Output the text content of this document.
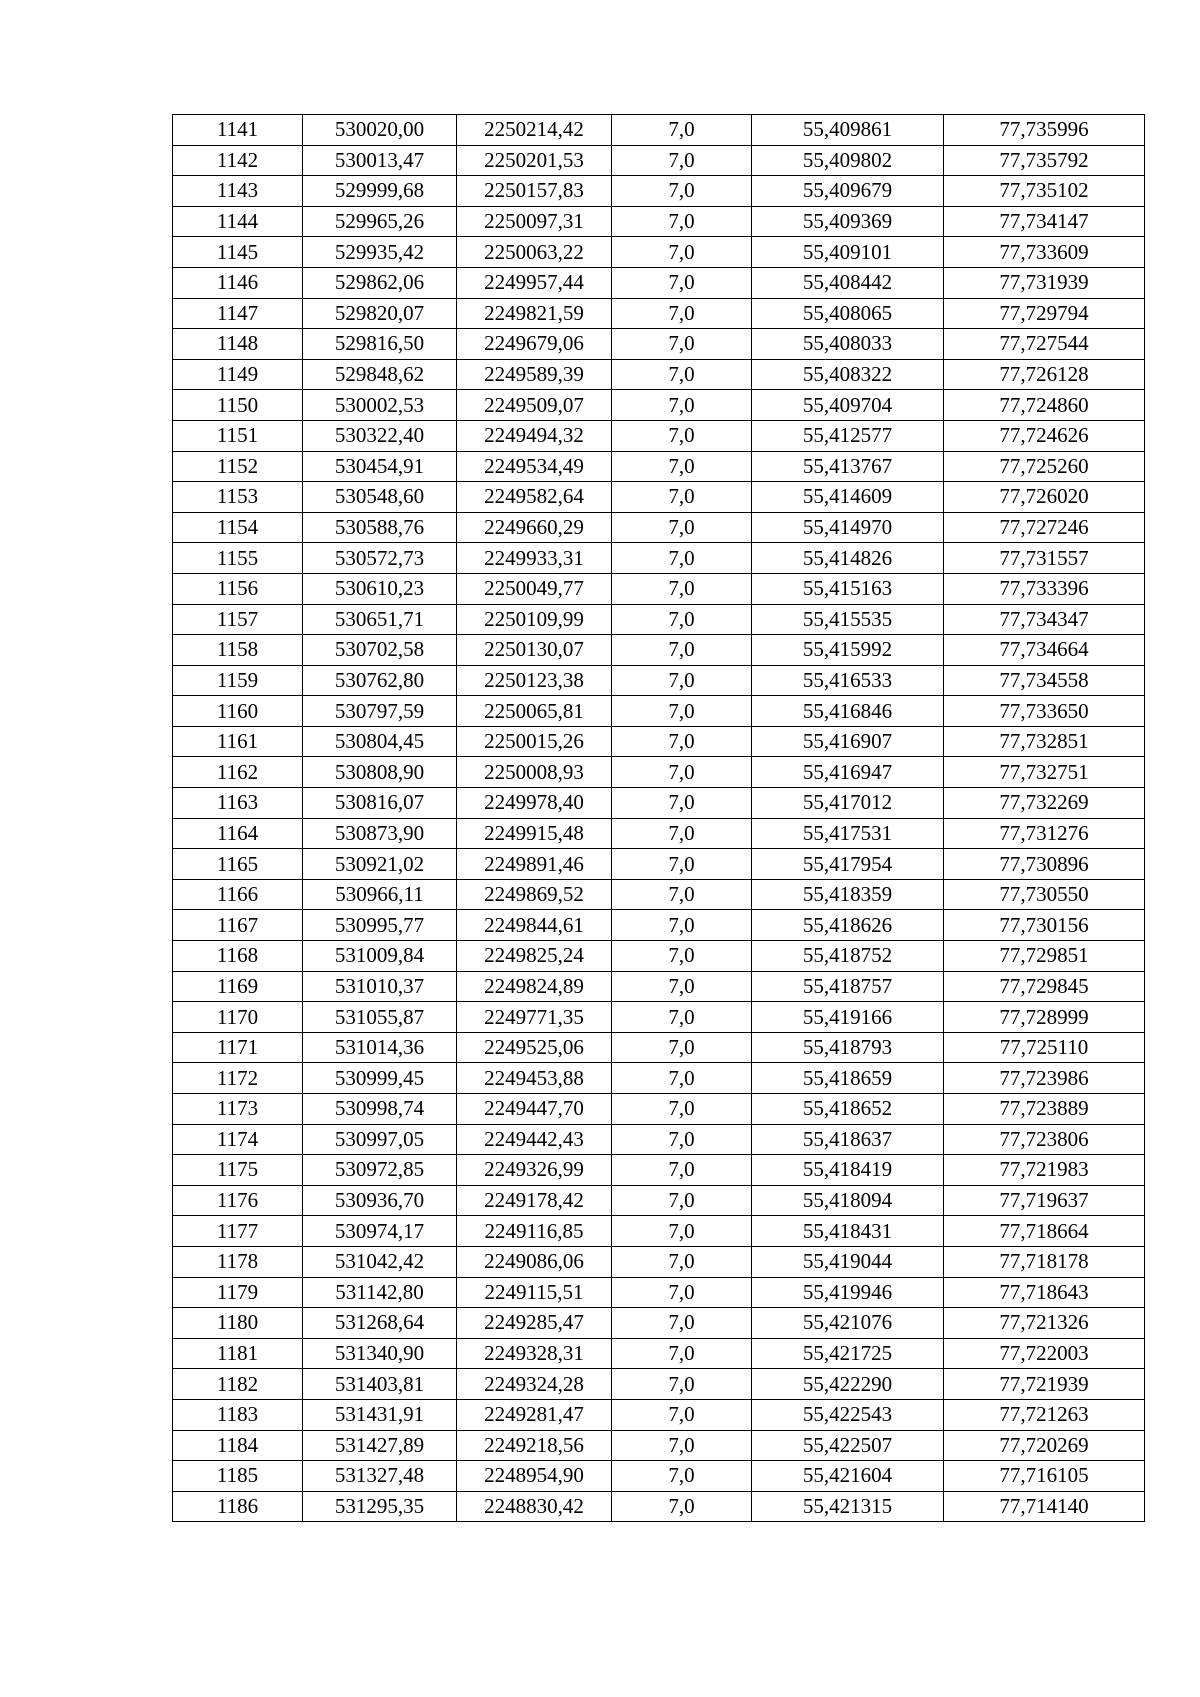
1141	530020,00	2250214,42	7,0	55,409861	77,735996
1142	530013,47	2250201,53	7,0	55,409802	77,735792
1143	529999,68	2250157,83	7,0	55,409679	77,735102
1144	529965,26	2250097,31	7,0	55,409369	77,734147
1145	529935,42	2250063,22	7,0	55,409101	77,733609
1146	529862,06	2249957,44	7,0	55,408442	77,731939
1147	529820,07	2249821,59	7,0	55,408065	77,729794
1148	529816,50	2249679,06	7,0	55,408033	77,727544
1149	529848,62	2249589,39	7,0	55,408322	77,726128
1150	530002,53	2249509,07	7,0	55,409704	77,724860
1151	530322,40	2249494,32	7,0	55,412577	77,724626
1152	530454,91	2249534,49	7,0	55,413767	77,725260
1153	530548,60	2249582,64	7,0	55,414609	77,726020
1154	530588,76	2249660,29	7,0	55,414970	77,727246
1155	530572,73	2249933,31	7,0	55,414826	77,731557
1156	530610,23	2250049,77	7,0	55,415163	77,733396
1157	530651,71	2250109,99	7,0	55,415535	77,734347
1158	530702,58	2250130,07	7,0	55,415992	77,734664
1159	530762,80	2250123,38	7,0	55,416533	77,734558
1160	530797,59	2250065,81	7,0	55,416846	77,733650
1161	530804,45	2250015,26	7,0	55,416907	77,732851
1162	530808,90	2250008,93	7,0	55,416947	77,732751
1163	530816,07	2249978,40	7,0	55,417012	77,732269
1164	530873,90	2249915,48	7,0	55,417531	77,731276
1165	530921,02	2249891,46	7,0	55,417954	77,730896
1166	530966,11	2249869,52	7,0	55,418359	77,730550
1167	530995,77	2249844,61	7,0	55,418626	77,730156
1168	531009,84	2249825,24	7,0	55,418752	77,729851
1169	531010,37	2249824,89	7,0	55,418757	77,729845
1170	531055,87	2249771,35	7,0	55,419166	77,728999
1171	531014,36	2249525,06	7,0	55,418793	77,725110
1172	530999,45	2249453,88	7,0	55,418659	77,723986
1173	530998,74	2249447,70	7,0	55,418652	77,723889
1174	530997,05	2249442,43	7,0	55,418637	77,723806
1175	530972,85	2249326,99	7,0	55,418419	77,721983
1176	530936,70	2249178,42	7,0	55,418094	77,719637
1177	530974,17	2249116,85	7,0	55,418431	77,718664
1178	531042,42	2249086,06	7,0	55,419044	77,718178
1179	531142,80	2249115,51	7,0	55,419946	77,718643
1180	531268,64	2249285,47	7,0	55,421076	77,721326
1181	531340,90	2249328,31	7,0	55,421725	77,722003
1182	531403,81	2249324,28	7,0	55,422290	77,721939
1183	531431,91	2249281,47	7,0	55,422543	77,721263
1184	531427,89	2249218,56	7,0	55,422507	77,720269
1185	531327,48	2248954,90	7,0	55,421604	77,716105
1186	531295,35	2248830,42	7,0	55,421315	77,714140
